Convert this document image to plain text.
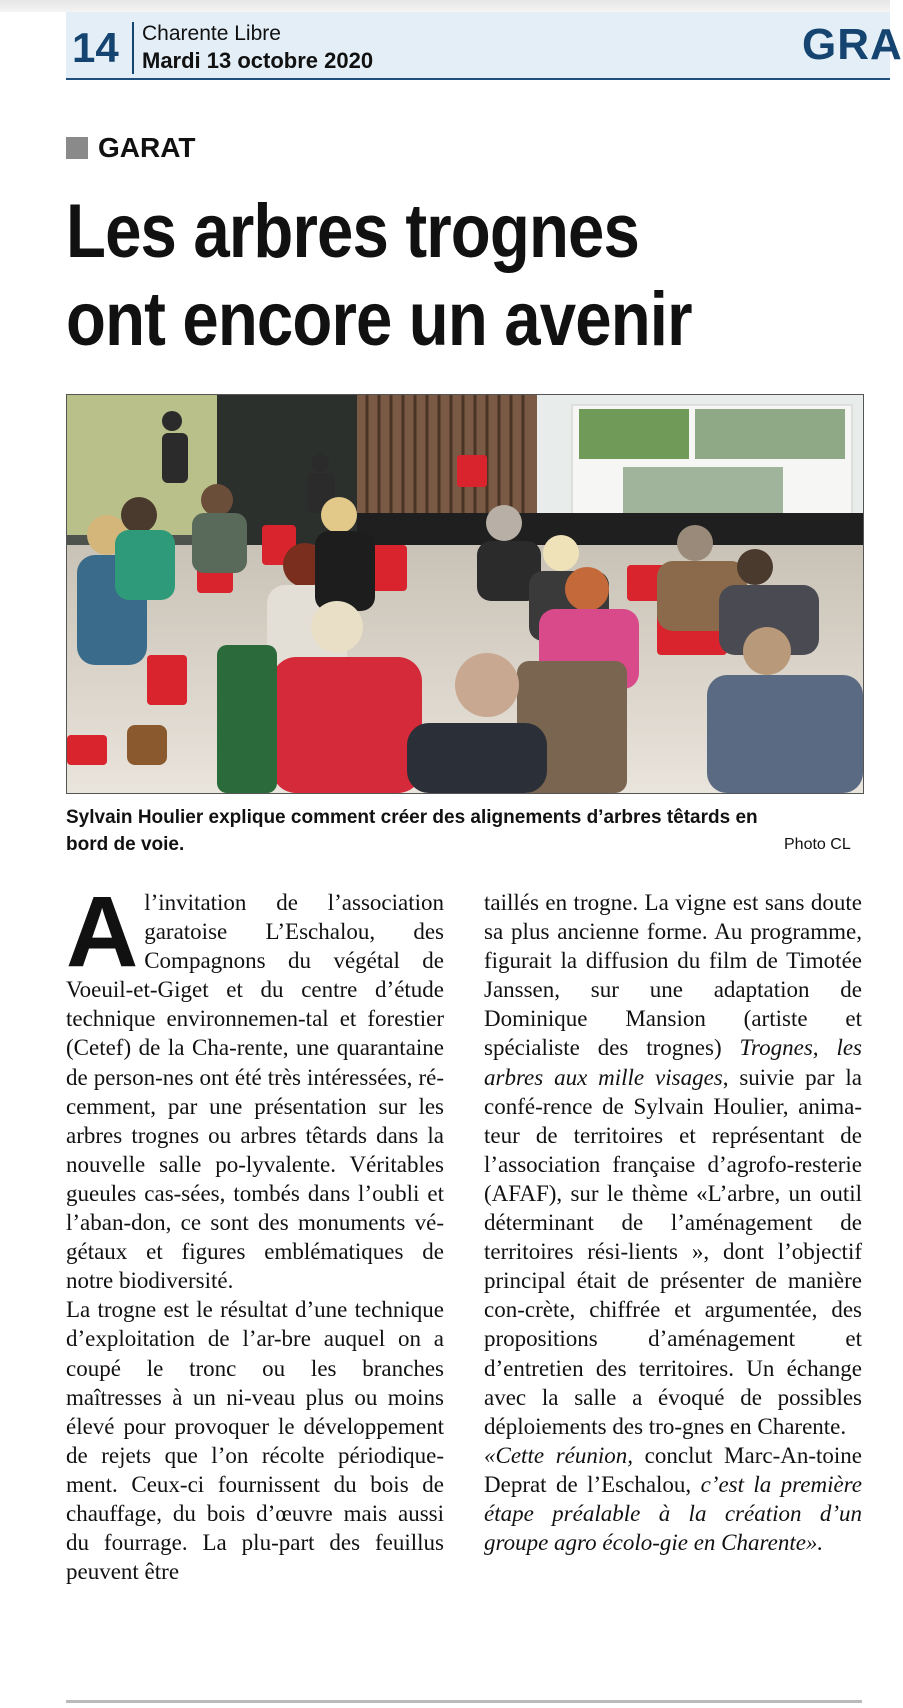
14 Charente Libre
Mardi 13 octobre 2020	GRA
GARAT
Les arbres trognes
ont encore un avenir
Sylvain Houlier explique comment créer des alignements d’arbres têtards en bord de voie.	Photo CL

Al’invitation de l’association garatoise L’Eschalou, des Compagnons du végétal de Voeuil-et-Giget et du centre d’étude technique environnemen-tal et forestier (Cetef) de la Cha-rente, une quarantaine de person-nes ont été très intéressées, ré-cemment, par une présentation sur les arbres trognes ou arbres têtards dans la nouvelle salle po-lyvalente. Véritables gueules cas-sées, tombés dans l’oubli et l’aban-don, ce sont des monuments vé-gétaux et figures emblématiques de notre biodiversité.

La trogne est le résultat d’une technique d’exploitation de l’ar-bre auquel on a coupé le tronc ou les branches maîtresses à un ni-veau plus ou moins élevé pour provoquer le développement de rejets que l’on récolte périodique-ment. Ceux-ci fournissent du bois de chauffage, du bois d’œuvre mais aussi du fourrage. La plu-part des feuillus peuvent être

taillés en trogne. La vigne est sans doute sa plus ancienne forme. Au programme, figurait la diffusion du film de Timotée Janssen, sur une adaptation de Dominique Mansion (artiste et spécialiste des trognes) Trognes, les arbres aux mille visages, suivie par la confé-rence de Sylvain Houlier, anima-teur de territoires et représentant de l’association française d’agrofo-resterie (AFAF), sur le thème «L’arbre, un outil déterminant de l’aménagement de territoires rési-lients », dont l’objectif principal était de présenter de manière con-crète, chiffrée et argumentée, des propositions d’aménagement et d’entretien des territoires. Un échange avec la salle a évoqué de possibles déploiements des tro-gnes en Charente.

«Cette réunion, conclut Marc-An-toine Deprat de l’Eschalou, c’est la première étape préalable à la création d’un groupe agro écolo-gie en Charente».
